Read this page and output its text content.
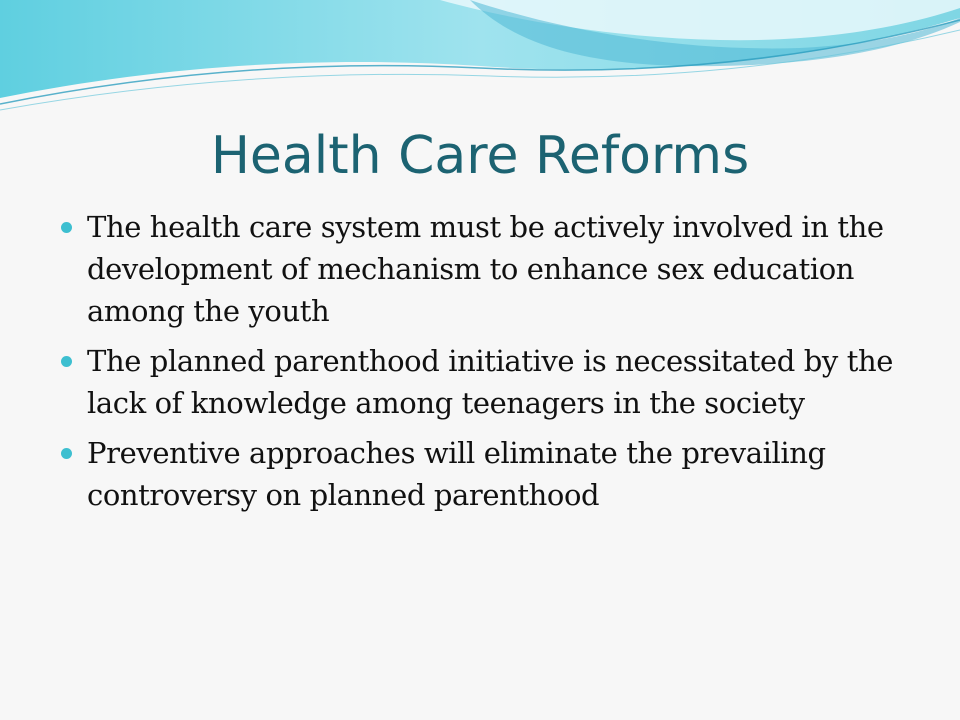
Health Care Reforms
The health care system must be actively involved in the development of mechanism to enhance sex education among the youth
The planned parenthood initiative is necessitated by the lack of knowledge among teenagers in the society
Preventive approaches will eliminate the prevailing controversy on planned parenthood
